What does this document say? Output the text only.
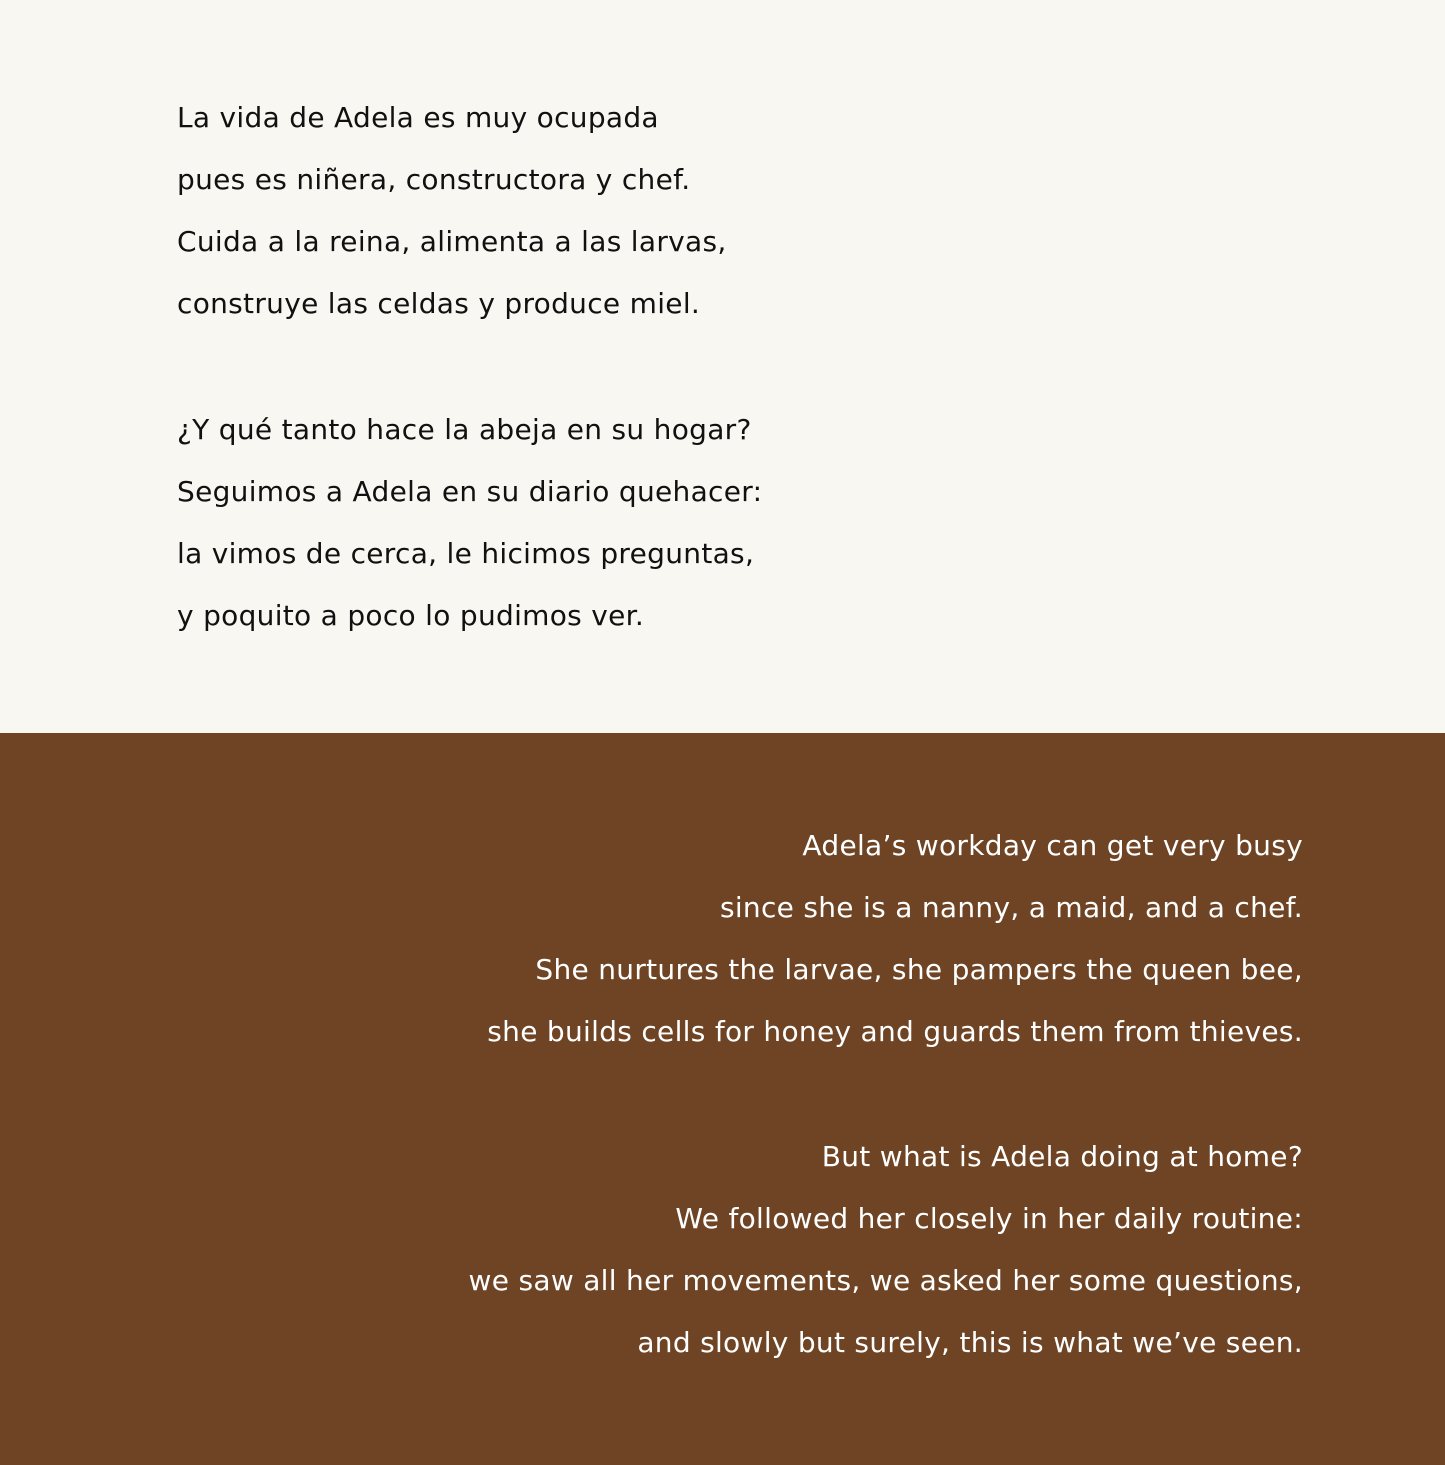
La vida de Adela es muy ocupada
pues es niñera, constructora y chef.
Cuida a la reina, alimenta a las larvas,
construye las celdas y produce miel.
¿Y qué tanto hace la abeja en su hogar?
Seguimos a Adela en su diario quehacer:
la vimos de cerca, le hicimos preguntas,
y poquito a poco lo pudimos ver.
Adela’s workday can get very busy
since she is a nanny, a maid, and a chef.
She nurtures the larvae, she pampers the queen bee,
she builds cells for honey and guards them from thieves.
But what is Adela doing at home?
We followed her closely in her daily routine:
we saw all her movements, we asked her some questions,
and slowly but surely, this is what we’ve seen.
